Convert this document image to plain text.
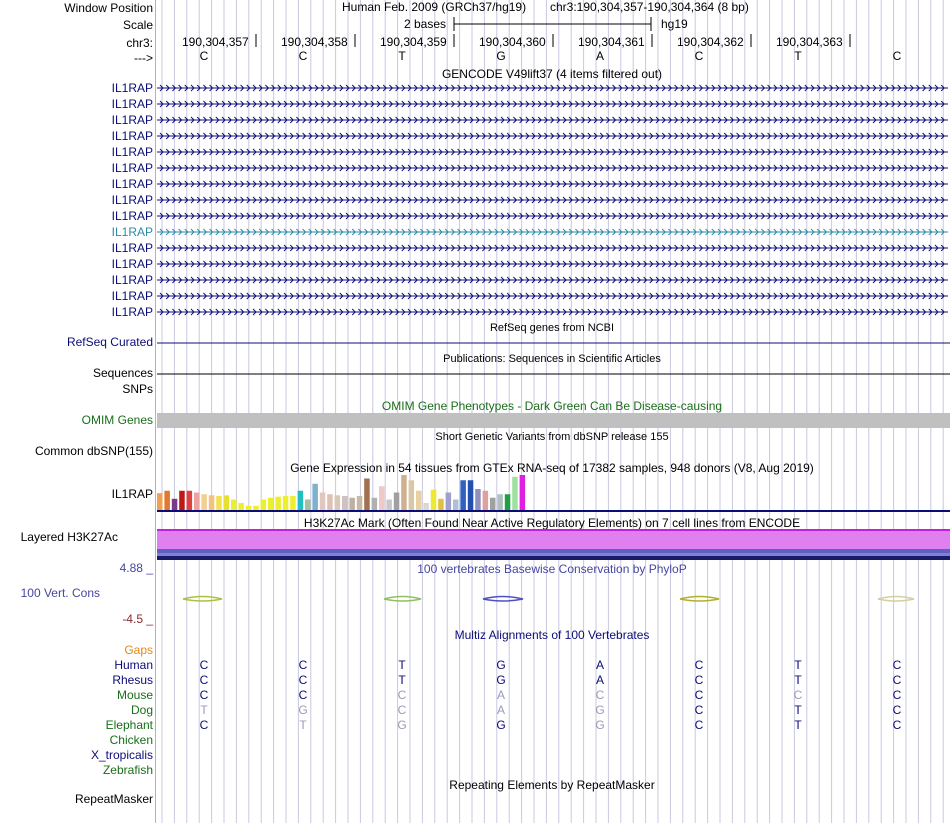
Window Position
Scale
chr3:
--->
Human Feb. 2009 (GRCh37/hg19) chr3:190,304,357-190,304,364 (8 bp)
2 bases	hg19
190,304,357	190,304,358	190,304,359	190,304,360	190,304,361	190,304,362	190,304,363
C	C	T	G	A	C	T	C
GENCODE V49lift37 (4 items filtered out)
IL1RAP
IL1RAP
IL1RAP
IL1RAP
IL1RAP
IL1RAP
IL1RAP
IL1RAP
IL1RAP
IL1RAP
IL1RAP
IL1RAP
IL1RAP
IL1RAP
IL1RAP
RefSeq genes from NCBI
RefSeq Curated
Publications: Sequences in Scientific Articles
Sequences
SNPs
OMIM Gene Phenotypes - Dark Green Can Be Disease-causing
OMIM Genes
Short Genetic Variants from dbSNP release 155
Common dbSNP(155)
Gene Expression in 54 tissues from GTEx RNA-seq of 17382 samples, 948 donors (V8, Aug 2019)
IL1RAP
H3K27Ac Mark (Often Found Near Active Regulatory Elements) on 7 cell lines from ENCODE
Layered H3K27Ac
4.88 _	100 vertebrates Basewise Conservation by PhyloP
100 Vert. Cons
-4.5 _
Multiz Alignments of 100 Vertebrates
Gaps
Human	C	C	T	G	A	C	T	C
Rhesus	C	C	T	G	A	C	T	C
Mouse	C	C	C	A	C	C	C	C
Dog	T	G	C	A	G	C	T	C
Elephant	C	T	G	G	G	C	T	C
Chicken
X_tropicalis
Zebrafish
Repeating Elements by RepeatMasker
RepeatMasker
